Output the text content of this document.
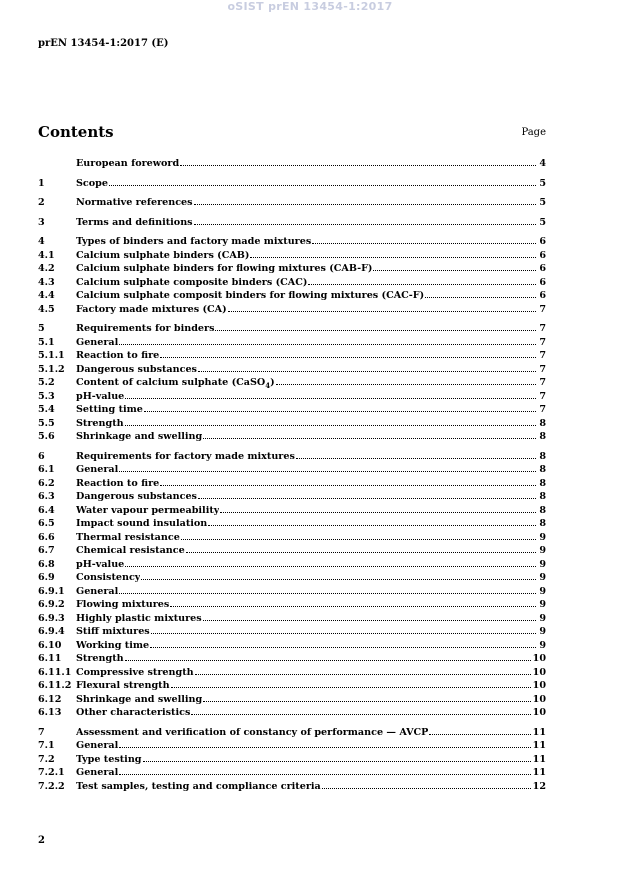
oSIST prEN 13454-1:2017
prEN 13454-1:2017 (E)
Contents	Page
European foreword	4
1	Scope	5
2	Normative references	5
3	Terms and definitions	5
4	Types of binders and factory made mixtures	6
4.1	Calcium sulphate binders (CAB)	6
4.2	Calcium sulphate binders for flowing mixtures (CAB-F)	6
4.3	Calcium sulphate composite binders (CAC)	6
4.4	Calcium sulphate composit binders for flowing mixtures (CAC-F)	6
4.5	Factory made mixtures (CA)	7
5	Requirements for binders	7
5.1	General	7
5.1.1	Reaction to fire	7
5.1.2	Dangerous substances	7
5.2	Content of calcium sulphate (CaSO$_4$)	7
5.3	pH-value	7
5.4	Setting time	7
5.5	Strength	8
5.6	Shrinkage and swelling	8
6	Requirements for factory made mixtures	8
6.1	General	8
6.2	Reaction to fire	8
6.3	Dangerous substances	8
6.4	Water vapour permeability	8
6.5	Impact sound insulation	8
6.6	Thermal resistance	9
6.7	Chemical resistance	9
6.8	pH-value	9
6.9	Consistency	9
6.9.1	General	9
6.9.2	Flowing mixtures	9
6.9.3	Highly plastic mixtures	9
6.9.4	Stiff mixtures	9
6.10	Working time	9
6.11	Strength	10
6.11.1 Compressive strength	10
6.11.2 Flexural strength	10
6.12	Shrinkage and swelling	10
6.13	Other characteristics	10
7	Assessment and verification of constancy of performance — AVCP	11
7.1	General	11
7.2	Type testing	11
7.2.1	General	11
7.2.2	Test samples, testing and compliance criteria	12
2
